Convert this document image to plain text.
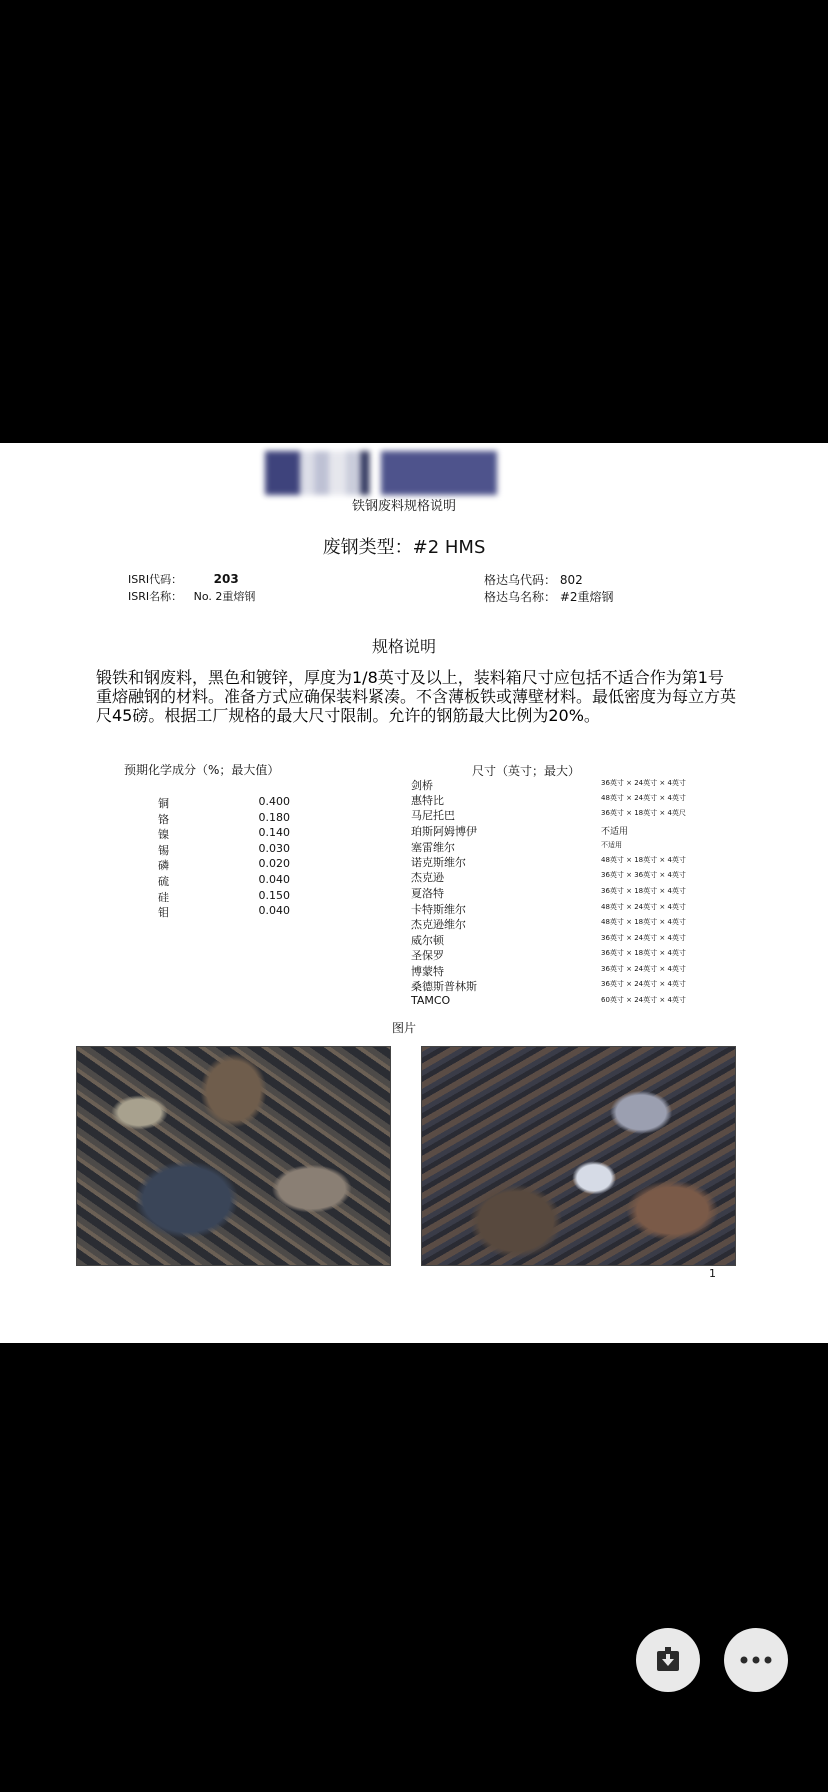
铁钢废料规格说明
废钢类型：#2 HMS
ISRI代码：	203
ISRI名称： No. 2重熔钢
格达乌代码： 802
格达乌名称： #2重熔钢
规格说明
锻铁和钢废料，黑色和镀锌，厚度为1/8英寸及以上，装料箱尺寸应包括不适合作为第1号重熔融钢的材料。准备方式应确保装料紧凑。不含薄板铁或薄壁材料。最低密度为每立方英尺45磅。根据工厂规格的最大尺寸限制。允许的钢筋最大比例为20%。
预期化学成分（%；最大值）	尺寸（英寸；最大）
铜	0.400
铬	0.180
镍	0.140
锡	0.030
磷	0.020
硫	0.040
硅	0.150
钼	0.040
剑桥	36英寸 × 24英寸 × 4英寸
惠特比	48英寸 × 24英寸 × 4英寸
马尼托巴	36英寸 × 18英寸 × 4英尺
珀斯阿姆博伊	不适用
塞雷维尔	不适用
诺克斯维尔	48英寸 × 18英寸 × 4英寸
杰克逊	36英寸 × 36英寸 × 4英寸
夏洛特	36英寸 × 18英寸 × 4英寸
卡特斯维尔	48英寸 × 24英寸 × 4英寸
杰克逊维尔	48英寸 × 18英寸 × 4英寸
威尔顿	36英寸 × 24英寸 × 4英寸
圣保罗	36英寸 × 18英寸 × 4英寸
博蒙特	36英寸 × 24英寸 × 4英寸
桑德斯普林斯	36英寸 × 24英寸 × 4英寸
TAMCO	60英寸 × 24英寸 × 4英寸
图片
1
